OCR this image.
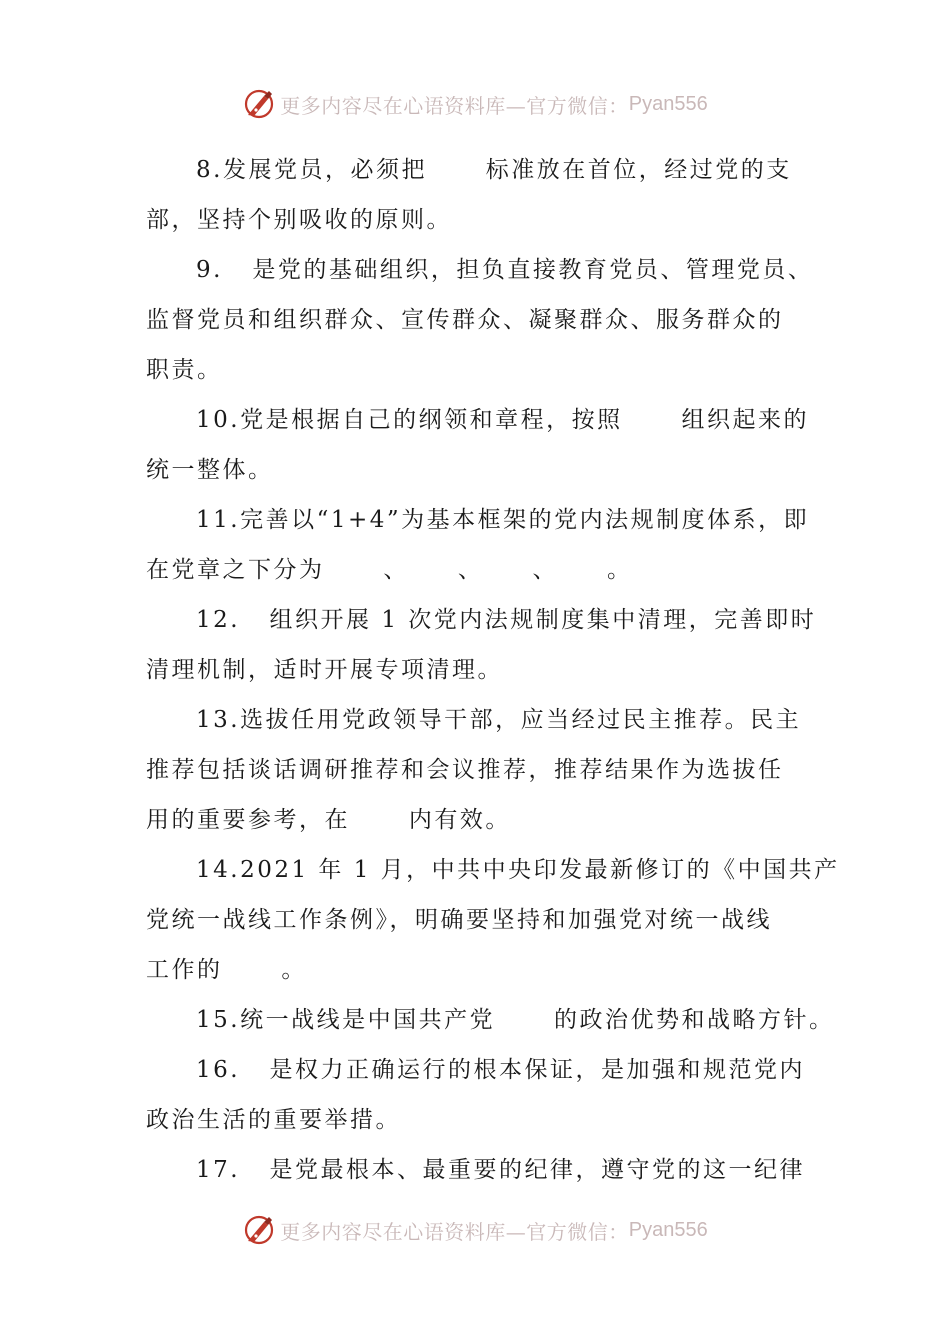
更多内容尽在心语资料库—官方微信： Pyan556
8.发展党员，必须把      标准放在首位，经过党的支
部，坚持个别吸收的原则。
9.   是党的基础组织，担负直接教育党员、管理党员、
监督党员和组织群众、宣传群众、凝聚群众、服务群众的
职责。
10.党是根据自己的纲领和章程，按照      组织起来的
统一整体。
11.完善以“1+4”为基本框架的党内法规制度体系，即
在党章之下分为      、     、     、     。
12.   组织开展 1 次党内法规制度集中清理，完善即时
清理机制，适时开展专项清理。
13.选拔任用党政领导干部，应当经过民主推荐。民主
推荐包括谈话调研推荐和会议推荐，推荐结果作为选拔任
用的重要参考，在      内有效。
14.2021 年 1 月，中共中央印发最新修订的《中国共产
党统一战线工作条例》，明确要坚持和加强党对统一战线
工作的      。
15.统一战线是中国共产党      的政治优势和战略方针。
16.   是权力正确运行的根本保证，是加强和规范党内
政治生活的重要举措。
17.   是党最根本、最重要的纪律，遵守党的这一纪律
更多内容尽在心语资料库—官方微信： Pyan556
